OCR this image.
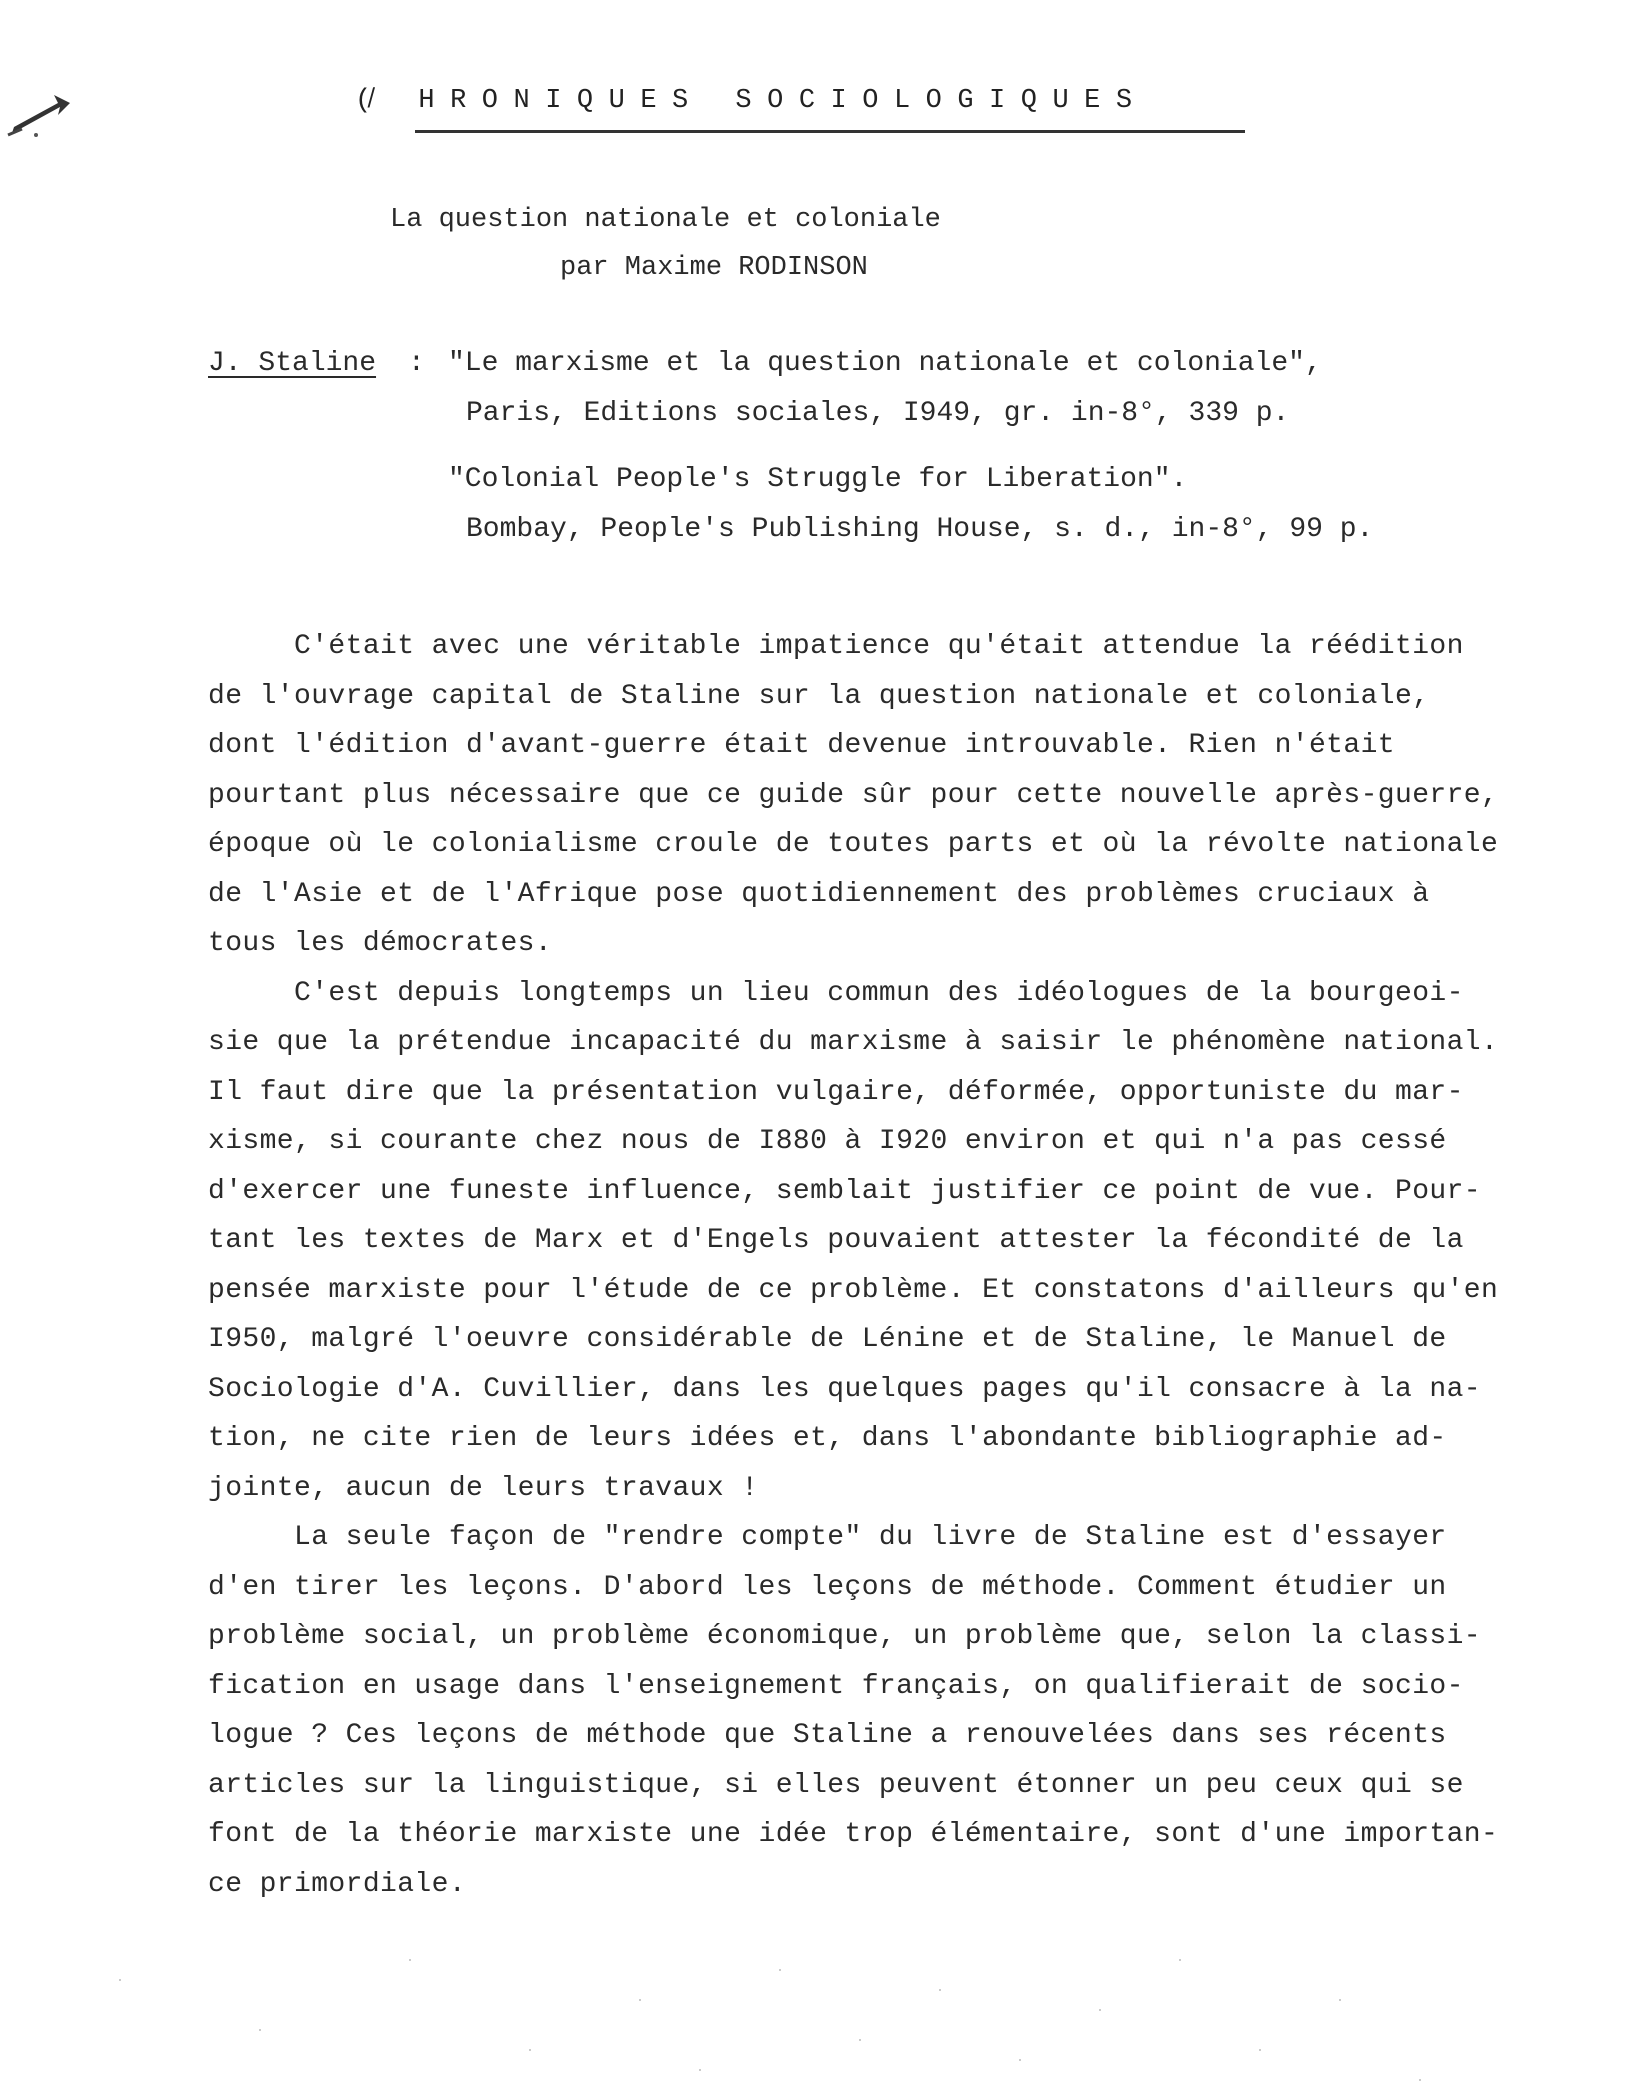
(̸ HRONIQUES SOCIOLOGIQUES
La question nationale et coloniale
par Maxime RODINSON
J. Staline : "Le marxisme et la question nationale et coloniale",
Paris, Editions sociales, I949, gr. in-8°, 339 p.
"Colonial People's Struggle for Liberation".
Bombay, People's Publishing House, s. d., in-8°, 99 p.
C'était avec une véritable impatience qu'était attendue la réédition
de l'ouvrage capital de Staline sur la question nationale et coloniale,
dont l'édition d'avant-guerre était devenue introuvable. Rien n'était
pourtant plus nécessaire que ce guide sûr pour cette nouvelle après-guerre,
époque où le colonialisme croule de toutes parts et où la révolte nationale
de l'Asie et de l'Afrique pose quotidiennement des problèmes cruciaux à
tous les démocrates.
C'est depuis longtemps un lieu commun des idéologues de la bourgeoi-
sie que la prétendue incapacité du marxisme à saisir le phénomène national.
Il faut dire que la présentation vulgaire, déformée, opportuniste du mar-
xisme, si courante chez nous de I880 à I920 environ et qui n'a pas cessé
d'exercer une funeste influence, semblait justifier ce point de vue. Pour-
tant les textes de Marx et d'Engels pouvaient attester la fécondité de la
pensée marxiste pour l'étude de ce problème. Et constatons d'ailleurs qu'en
I950, malgré l'oeuvre considérable de Lénine et de Staline, le Manuel de
Sociologie d'A. Cuvillier, dans les quelques pages qu'il consacre à la na-
tion, ne cite rien de leurs idées et, dans l'abondante bibliographie ad-
jointe, aucun de leurs travaux !
La seule façon de "rendre compte" du livre de Staline est d'essayer
d'en tirer les leçons. D'abord les leçons de méthode. Comment étudier un
problème social, un problème économique, un problème que, selon la classi-
fication en usage dans l'enseignement français, on qualifierait de socio-
logue ? Ces leçons de méthode que Staline a renouvelées dans ses récents
articles sur la linguistique, si elles peuvent étonner un peu ceux qui se
font de la théorie marxiste une idée trop élémentaire, sont d'une importan-
ce primordiale.
